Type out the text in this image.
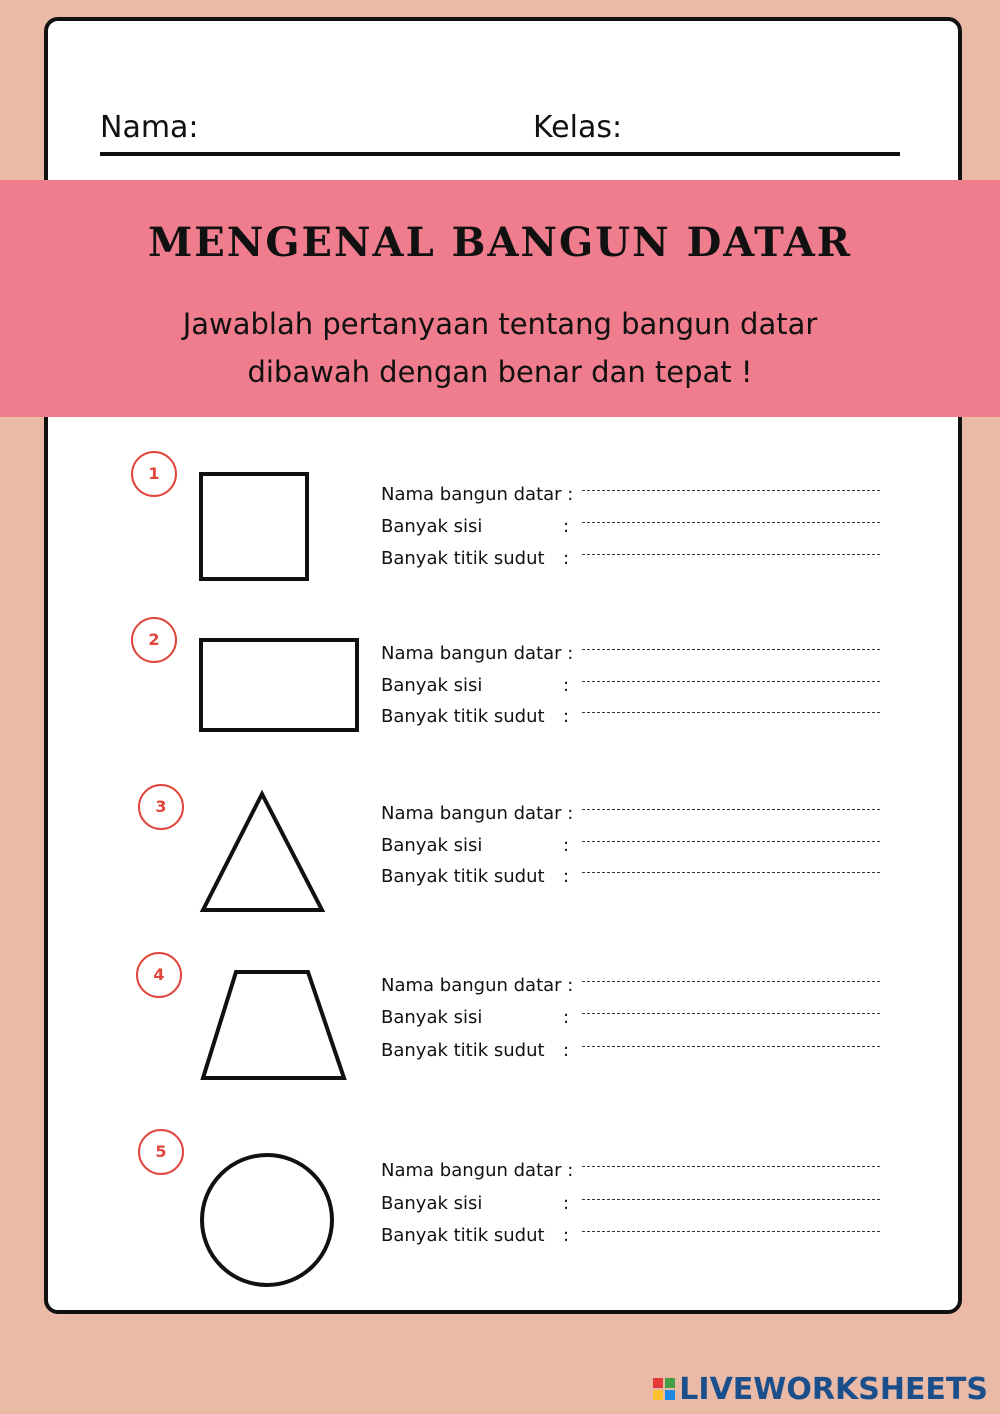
Nama:	Kelas:
MENGENAL BANGUN DATAR
Jawablah pertanyaan tentang bangun datar
dibawah dengan benar dan tepat !
1
Nama bangun datar :
Banyak sisi	:
Banyak titik sudut :
2
Nama bangun datar :
Banyak sisi	:
Banyak titik sudut :
3	Nama bangun datar :
Banyak sisi	:
Banyak titik sudut :
4
Nama bangun datar :
Banyak sisi	:
Banyak titik sudut :
5
Nama bangun datar :
Banyak sisi	:
Banyak titik sudut :
LIVEWORKSHEETS
